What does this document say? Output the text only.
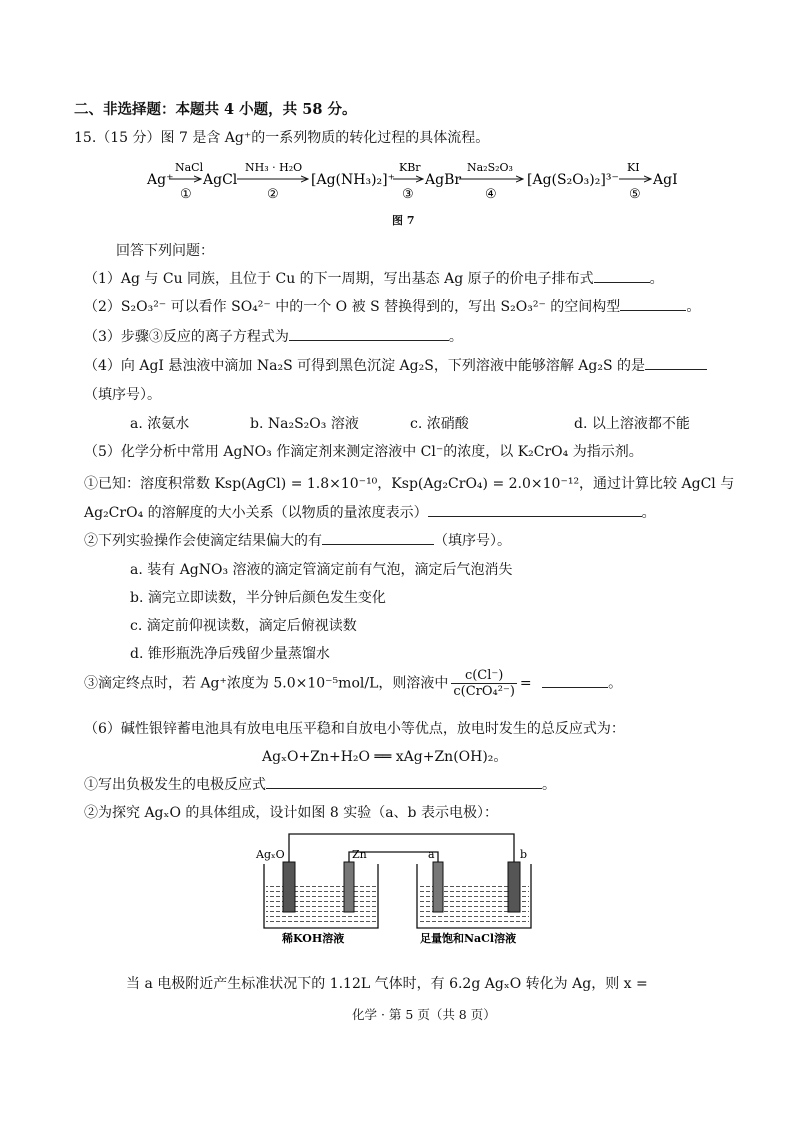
二、非选择题：本题共 4 小题，共 58 分。
15.（15 分）图 7 是含 Ag⁺的一系列物质的转化过程的具体流程。
Ag⁺ AgCl	[Ag(NH₃)₂]⁺ AgBr	[Ag(S₂O₃)₂]³⁻ AgI
NaCl	NH₃ · H₂O	KBr	Na₂S₂O₃	KI
①	②	③	④	⑤
图 7
回答下列问题：
（1）Ag 与 Cu 同族，且位于 Cu 的下一周期，写出基态 Ag 原子的价电子排布式	。
（2）S₂O₃²⁻ 可以看作 SO₄²⁻ 中的一个 O 被 S 替换得到的，写出 S₂O₃²⁻ 的空间构型	。
（3）步骤③反应的离子方程式为	。
（4）向 AgI 悬浊液中滴加 Na₂S 可得到黑色沉淀 Ag₂S，下列溶液中能够溶解 Ag₂S 的是
（填序号）。
a. 浓氨水	b. Na₂S₂O₃ 溶液	c. 浓硝酸	d. 以上溶液都不能
（5）化学分析中常用 AgNO₃ 作滴定剂来测定溶液中 Cl⁻的浓度，以 K₂CrO₄ 为指示剂。
①已知：溶度积常数 Ksp(AgCl) = 1.8×10⁻¹⁰，Ksp(Ag₂CrO₄) = 2.0×10⁻¹²，通过计算比较 AgCl 与
Ag₂CrO₄ 的溶解度的大小关系（以物质的量浓度表示）	。
②下列实验操作会使滴定结果偏大的有	（填序号）。
a. 装有 AgNO₃ 溶液的滴定管滴定前有气泡，滴定后气泡消失
b. 滴完立即读数，半分钟后颜色发生变化
c. 滴定前仰视读数，滴定后俯视读数
d. 锥形瓶洗净后残留少量蒸馏水
③滴定终点时，若 Ag⁺浓度为 5.0×10⁻⁵mol/L，则溶液中 $\frac{c(Cl^-)}{\text{c(CrO₄²⁻)}}$ =	。
（6）碱性银锌蓄电池具有放电电压平稳和自放电小等优点，放电时发生的总反应式为：
AgₓO+Zn+H₂O ══ xAg+Zn(OH)₂。
①写出负极发生的电极反应式	。
②为探究 AgₓO 的具体组成，设计如图 8 实验（a、b 表示电极）：
AgₓO	Zn	a	b
稀KOH溶液	足量饱和NaCl溶液
当 a 电极附近产生标准状况下的 1.12L 气体时，有 6.2g AgₓO 转化为 Ag，则 x =
化学 · 第 5 页（共 8 页）
